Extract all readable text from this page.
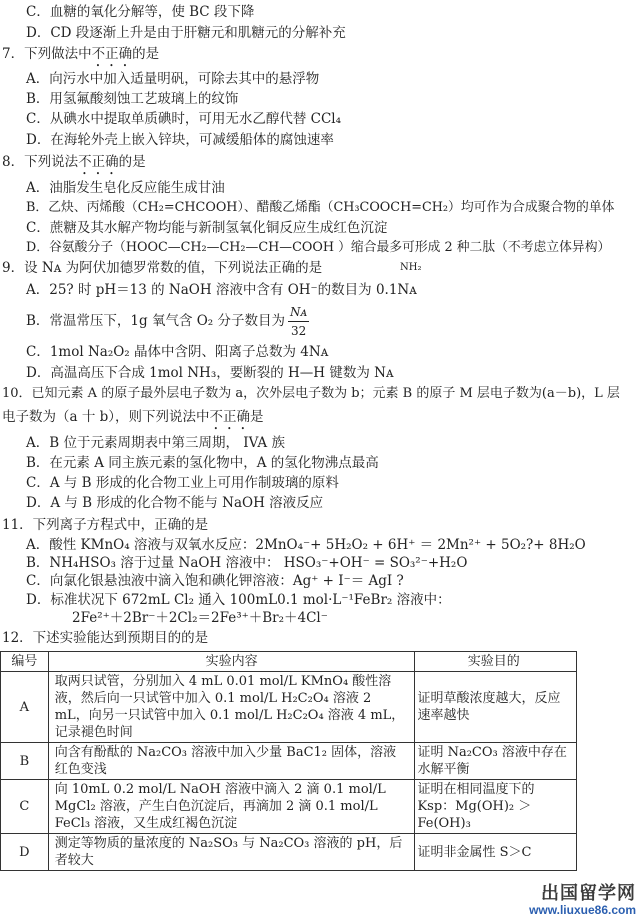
C．血糖的氧化分解等，使 BC 段下降
D．CD 段逐渐上升是由于肝糖元和肌糖元的分解补充
7．下列做法中不正确的是
A．向污水中加入适量明矾，可除去其中的悬浮物
B．用氢氟酸刻蚀工艺玻璃上的纹饰
C．从碘水中提取单质碘时，可用无水乙醇代替 CCl₄
D．在海轮外壳上嵌入锌块，可减缓船体的腐蚀速率
8．下列说法不正确的是
A．油脂发生皂化反应能生成甘油
B．乙炔、丙烯酸（CH₂=CHCOOH）、醋酸乙烯酯（CH₃COOCH=CH₂）均可作为合成聚合物的单体
C．蔗糖及其水解产物均能与新制氢氧化铜反应生成红色沉淀
D．谷氨酸分子（HOOC—CH₂—CH₂—CH—COOH ）缩合最多可形成 2 种二肽（不考虑立体异构）
9．设 Nᴀ 为阿伏加德罗常数的值，下列说法正确的是	NH₂
A．25? 时 pH＝13 的 NaOH 溶液中含有 OH⁻的数目为 0.1Nᴀ
B．常温常压下，1g 氧气含 O₂ 分子数目为 $\frac{\text{Nᴀ}}{32}$
C．1mol Na₂O₂ 晶体中含阴、阳离子总数为 4Nᴀ
D．高温高压下合成 1mol NH₃，要断裂的 H—H 键数为 Nᴀ
10．已知元素 A 的原子最外层电子数为 a，次外层电子数为 b；元素 B 的原子 M 层电子数为(a－b)，L 层
电子数为（a 十 b），则下列说法中不正确是
A．B 位于元素周期表中第三周期， IVA 族
B．在元素 A 同主族元素的氢化物中，A 的氢化物沸点最高
C．A 与 B 形成的化合物工业上可用作制玻璃的原料
D．A 与 B 形成的化合物不能与 NaOH 溶液反应
11．下列离子方程式中，正确的是
A．酸性 KMnO₄ 溶液与双氧水反应：2MnO₄⁻+ 5H₂O₂ + 6H⁺ ＝ 2Mn²⁺ + 5O₂?+ 8H₂O
B．NH₄HSO₃ 溶于过量 NaOH 溶液中： HSO₃⁻+OH⁻ = SO₃²⁻+H₂O
C．向氯化银悬浊液中滴入饱和碘化钾溶液：Ag⁺ + I⁻＝ AgI ?
D．标准状况下 672mL Cl₂ 通入 100mL0.1 mol·L⁻¹FeBr₂ 溶液中：
2Fe²⁺＋2Br⁻＋2Cl₂＝2Fe³⁺＋Br₂＋4Cl⁻
12．下述实验能达到预期目的的是
编号	实验内容	实验目的
A	取两只试管，分别加入 4 mL 0.01 mol/L KMnO₄ 酸性溶液，然后向一只试管中加入 0.1 mol/L H₂C₂O₄ 溶液 2 mL，向另一只试管中加入 0.1 mol/L H₂C₂O₄ 溶液 4 mL，记录褪色时间	证明草酸浓度越大，反应速率越快
B	向含有酚酞的 Na₂CO₃ 溶液中加入少量 BaC1₂ 固体，溶液红色变浅	证明 Na₂CO₃ 溶液中存在水解平衡
C	向 10mL 0.2 mol/L NaOH 溶液中滴入 2 滴 0.1 mol/L MgCl₂ 溶液，产生白色沉淀后，再滴加 2 滴 0.1 mol/L FeCl₃ 溶液，又生成红褐色沉淀	证明在相同温度下的 Ksp：Mg(OH)₂ ＞Fe(OH)₃
D	测定等物质的量浓度的 Na₂SO₃ 与 Na₂CO₃ 溶液的 pH，后者较大	证明非金属性 S＞C
出国留学网
www.liuxue86.com
